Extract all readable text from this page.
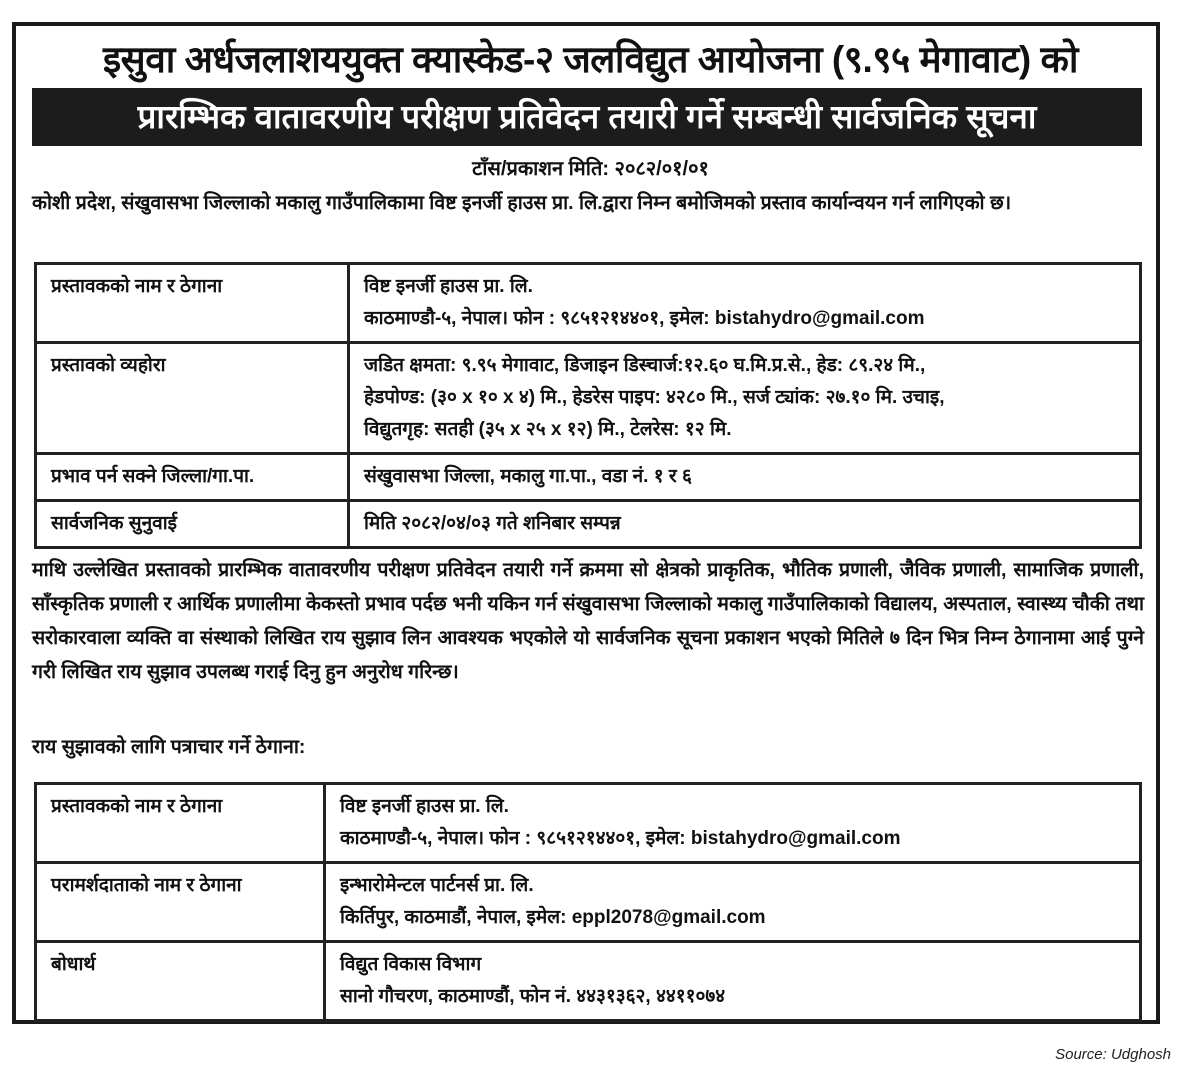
इसुवा अर्धजलाशययुक्त क्यास्केड-२ जलविद्युत आयोजना (९.९५ मेगावाट) को
प्रारम्भिक वातावरणीय परीक्षण प्रतिवेदन तयारी गर्ने सम्बन्धी सार्वजनिक सूचना
टाँस/प्रकाशन मिति: २०८२/०१/०१
कोशी प्रदेश, संखुवासभा जिल्लाको मकालु गाउँपालिकामा विष्ट इनर्जी हाउस प्रा. लि.द्वारा निम्न बमोजिमको प्रस्ताव कार्यान्वयन गर्न लागिएको छ।
प्रस्तावकको नाम र ठेगाना	विष्ट इनर्जी हाउस प्रा. लि.
काठमाण्डौ-५, नेपाल। फोन : ९८५१२१४४०१, इमेल: bistahydro@gmail.com

प्रस्तावको व्यहोरा	जडित क्षमता: ९.९५ मेगावाट, डिजाइन डिस्चार्ज:१२.६० घ.मि.प्र.से., हेड: ८९.२४ मि.,
हेडपोण्ड: (३० x १० x ४) मि., हेडरेस पाइप: ४२८० मि., सर्ज ट्यांक: २७.१० मि. उचाइ,
विद्युतगृह: सतही (३५ x २५ x १२) मि., टेलरेस: १२ मि.

प्रभाव पर्न सक्ने जिल्ला/गा.पा.	संखुवासभा जिल्ला, मकालु गा.पा., वडा नं. १ र ६

सार्वजनिक सुनुवाई	मिति २०८२/०४/०३ गते शनिबार सम्पन्न
माथि उल्लेखित प्रस्तावको प्रारम्भिक वातावरणीय परीक्षण प्रतिवेदन तयारी गर्ने क्रममा सो क्षेत्रको प्राकृतिक, भौतिक प्रणाली, जैविक प्रणाली, सामाजिक प्रणाली, साँस्कृतिक प्रणाली र आर्थिक प्रणालीमा केकस्तो प्रभाव पर्दछ भनी यकिन गर्न संखुवासभा जिल्लाको मकालु गाउँपालिकाको विद्यालय, अस्पताल, स्वास्थ्य चौकी तथा सरोकारवाला व्यक्ति वा संस्थाको लिखित राय सुझाव लिन आवश्यक भएकोले यो सार्वजनिक सूचना प्रकाशन भएको मितिले ७ दिन भित्र निम्न ठेगानामा आई पुग्ने गरी लिखित राय सुझाव उपलब्ध गराई दिनु हुन अनुरोध गरिन्छ।
राय सुझावको लागि पत्राचार गर्ने ठेगाना:
प्रस्तावकको नाम र ठेगाना	विष्ट इनर्जी हाउस प्रा. लि.
काठमाण्डौ-५, नेपाल। फोन : ९८५१२१४४०१, इमेल: bistahydro@gmail.com

परामर्शदाताको नाम र ठेगाना	इन्भारोमेन्टल पार्टनर्स प्रा. लि.
किर्तिपुर, काठमाडौं, नेपाल, इमेल: eppl2078@gmail.com

बोधार्थ	विद्युत विकास विभाग
सानो गौचरण, काठमाण्डौं, फोन नं. ४४३१३६२, ४४११०७४
Source: Udghosh
